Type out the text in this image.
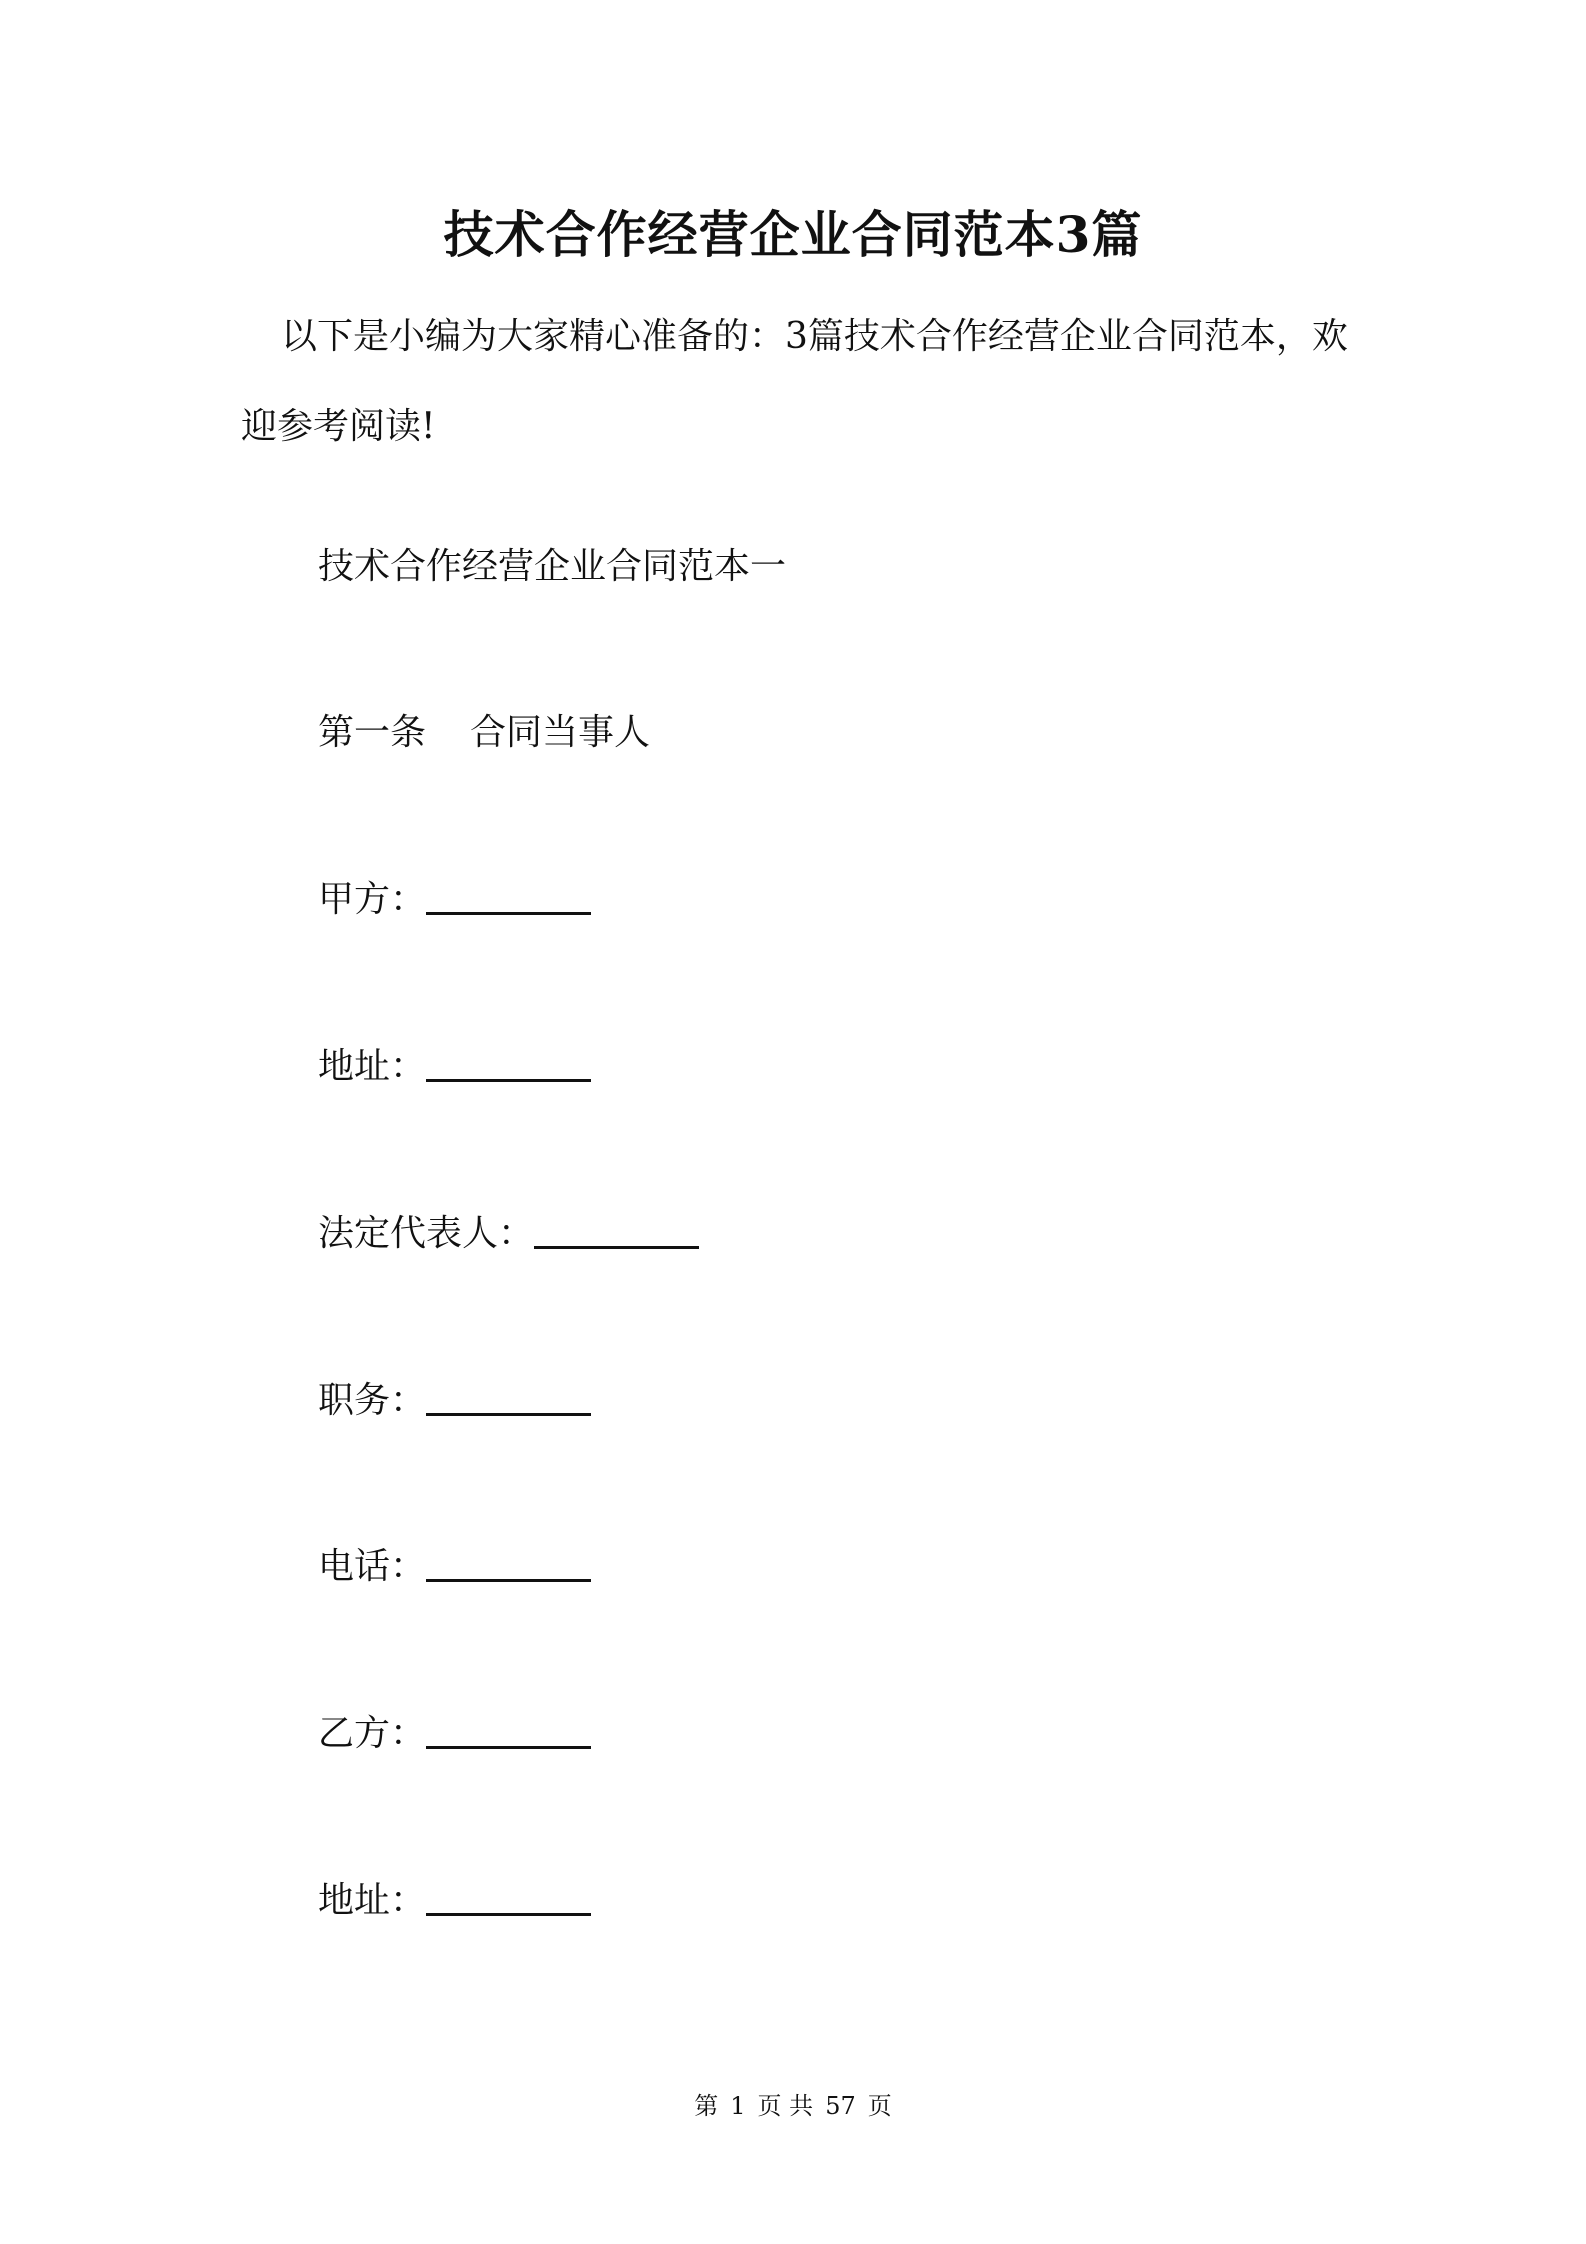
技术合作经营企业合同范本3篇

以下是小编为大家精心准备的：3篇技术合作经营企业合同范本，欢迎参考阅读!

技术合作经营企业合同范本一

第一条 合同当事人

甲方：

地址：

法定代表人：

职务：

电话：

乙方：

地址：

第 1 页 共 57 页
